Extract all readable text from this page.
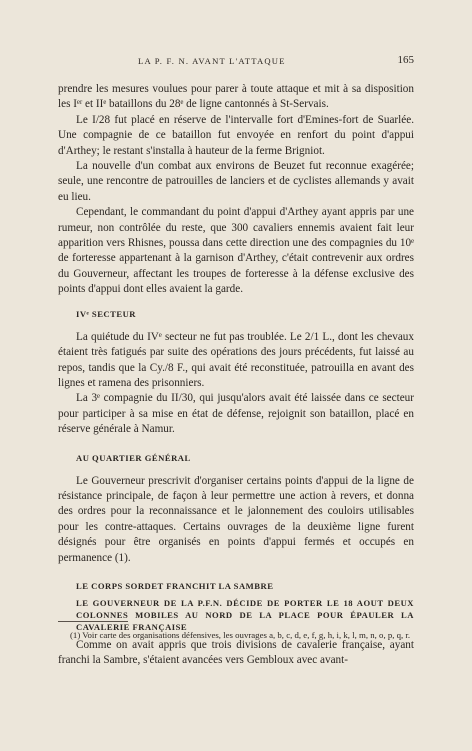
LA P. F. N. AVANT L'ATTAQUE	165

prendre les mesures voulues pour parer à toute attaque et mit à sa disposition les Iᵉʳ et IIᵉ bataillons du 28ᵉ de ligne cantonnés à St-Servais.

Le I/28 fut placé en réserve de l'intervalle fort d'Emines-fort de Suarlée. Une compagnie de ce bataillon fut envoyée en renfort du point d'appui d'Arthey; le restant s'installa à hauteur de la ferme Brigniot.

La nouvelle d'un combat aux environs de Beuzet fut reconnue exagérée; seule, une rencontre de patrouilles de lanciers et de cyclistes allemands y avait eu lieu.

Cependant, le commandant du point d'appui d'Arthey ayant appris par une rumeur, non contrôlée du reste, que 300 cavaliers ennemis avaient fait leur apparition vers Rhisnes, poussa dans cette direction une des compagnies du 10ᵉ de forteresse appartenant à la garnison d'Arthey, c'était contrevenir aux ordres du Gouverneur, affectant les troupes de forteresse à la défense exclusive des points d'appui dont elles avaient la garde.

IVᵉ SECTEUR

La quiétude du IVᵉ secteur ne fut pas troublée. Le 2/1 L., dont les chevaux étaient très fatigués par suite des opérations des jours précédents, fut laissé au repos, tandis que la Cy./8 F., qui avait été reconstituée, patrouilla en avant des lignes et ramena des prisonniers.

La 3ᵉ compagnie du II/30, qui jusqu'alors avait été laissée dans ce secteur pour participer à sa mise en état de défense, rejoignit son bataillon, placé en réserve générale à Namur.

AU QUARTIER GÉNÉRAL

Le Gouverneur prescrivit d'organiser certains points d'appui de la ligne de résistance principale, de façon à leur permettre une action à revers, et donna des ordres pour la reconnaissance et le jalonnement des couloirs utilisables pour les contre-attaques. Certains ouvrages de la deuxième ligne furent désignés pour être organisés en points d'appui fermés et occupés en permanence (1).

LE CORPS SORDET FRANCHIT LA SAMBRE
LE GOUVERNEUR DE LA P.F.N. DÉCIDE DE PORTER LE 18 AOUT DEUX COLONNES MOBILES AU NORD DE LA PLACE POUR ÉPAULER LA CAVALERIE FRANÇAISE

Comme on avait appris que trois divisions de cavalerie française, ayant franchi la Sambre, s'étaient avancées vers Gembloux avec avant-

(1) Voir carte des organisations défensives, les ouvrages a, b, c, d, e, f, g, h, i, k, l, m, n, o, p, q, r.
